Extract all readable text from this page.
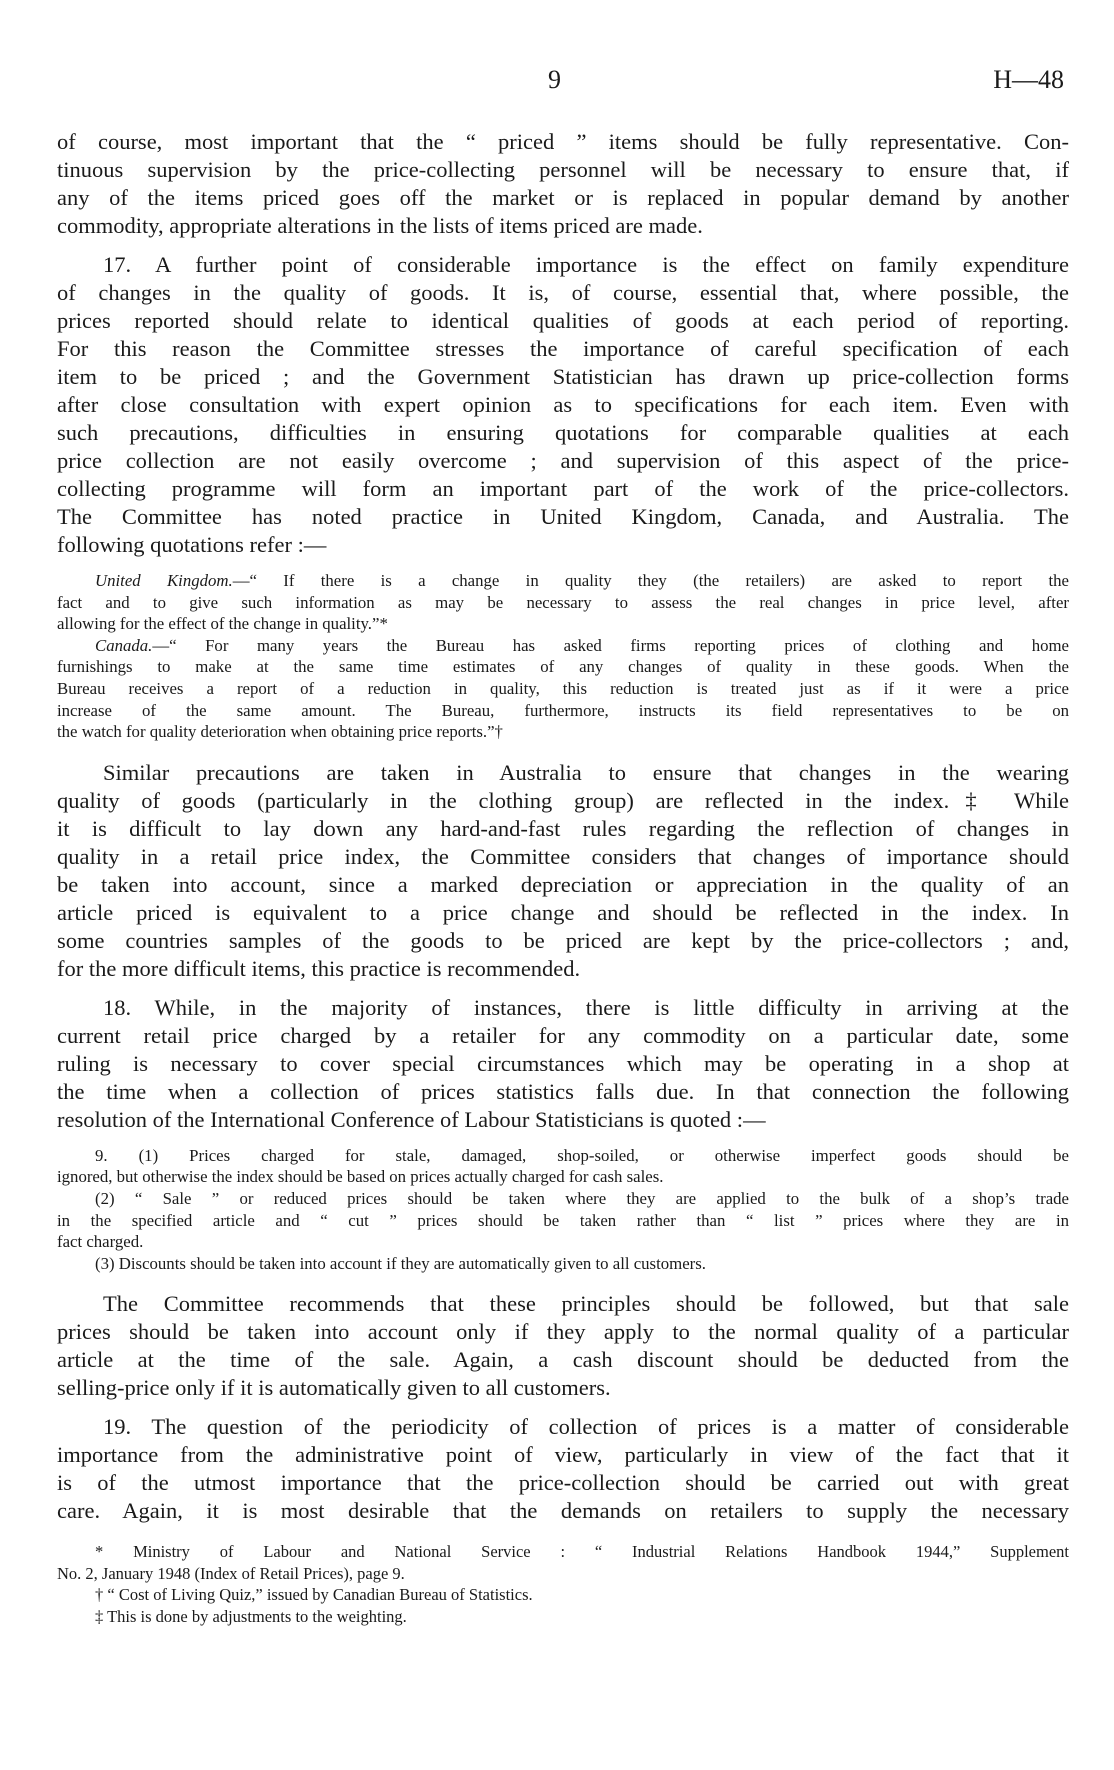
9	H—48
of course, most important that the “ priced ” items should be fully representative. Con-
tinuous supervision by the price-collecting personnel will be necessary to ensure that, if
any of the items priced goes off the market or is replaced in popular demand by another
commodity, appropriate alterations in the lists of items priced are made.
17. A further point of considerable importance is the effect on family expenditure
of changes in the quality of goods. It is, of course, essential that, where possible, the
prices reported should relate to identical qualities of goods at each period of reporting.
For this reason the Committee stresses the importance of careful specification of each
item to be priced ; and the Government Statistician has drawn up price-collection forms
after close consultation with expert opinion as to specifications for each item. Even with
such precautions, difficulties in ensuring quotations for comparable qualities at each
price collection are not easily overcome ; and supervision of this aspect of the price-
collecting programme will form an important part of the work of the price-collectors.
The Committee has noted practice in United Kingdom, Canada, and Australia. The
following quotations refer :—
United Kingdom.—“ If there is a change in quality they (the retailers) are asked to report the
fact and to give such information as may be necessary to assess the real changes in price level, after
allowing for the effect of the change in quality.”*
Canada.—“ For many years the Bureau has asked firms reporting prices of clothing and home
furnishings to make at the same time estimates of any changes of quality in these goods. When the
Bureau receives a report of a reduction in quality, this reduction is treated just as if it were a price
increase of the same amount. The Bureau, furthermore, instructs its field representatives to be on
the watch for quality deterioration when obtaining price reports.”†
Similar precautions are taken in Australia to ensure that changes in the wearing
quality of goods (particularly in the clothing group) are reflected in the index.‡ While
it is difficult to lay down any hard-and-fast rules regarding the reflection of changes in
quality in a retail price index, the Committee considers that changes of importance should
be taken into account, since a marked depreciation or appreciation in the quality of an
article priced is equivalent to a price change and should be reflected in the index. In
some countries samples of the goods to be priced are kept by the price-collectors ; and,
for the more difficult items, this practice is recommended.
18. While, in the majority of instances, there is little difficulty in arriving at the
current retail price charged by a retailer for any commodity on a particular date, some
ruling is necessary to cover special circumstances which may be operating in a shop at
the time when a collection of prices statistics falls due. In that connection the following
resolution of the International Conference of Labour Statisticians is quoted :—
9. (1) Prices charged for stale, damaged, shop-soiled, or otherwise imperfect goods should be
ignored, but otherwise the index should be based on prices actually charged for cash sales.
(2) “ Sale ” or reduced prices should be taken where they are applied to the bulk of a shop’s trade
in the specified article and “ cut ” prices should be taken rather than “ list ” prices where they are in
fact charged.
(3) Discounts should be taken into account if they are automatically given to all customers.
The Committee recommends that these principles should be followed, but that sale
prices should be taken into account only if they apply to the normal quality of a particular
article at the time of the sale. Again, a cash discount should be deducted from the
selling-price only if it is automatically given to all customers.
19. The question of the periodicity of collection of prices is a matter of considerable
importance from the administrative point of view, particularly in view of the fact that it
is of the utmost importance that the price-collection should be carried out with great
care. Again, it is most desirable that the demands on retailers to supply the necessary
* Ministry of Labour and National Service : “ Industrial Relations Handbook 1944,” Supplement
No. 2, January 1948 (Index of Retail Prices), page 9.
† “ Cost of Living Quiz,” issued by Canadian Bureau of Statistics.
‡ This is done by adjustments to the weighting.
